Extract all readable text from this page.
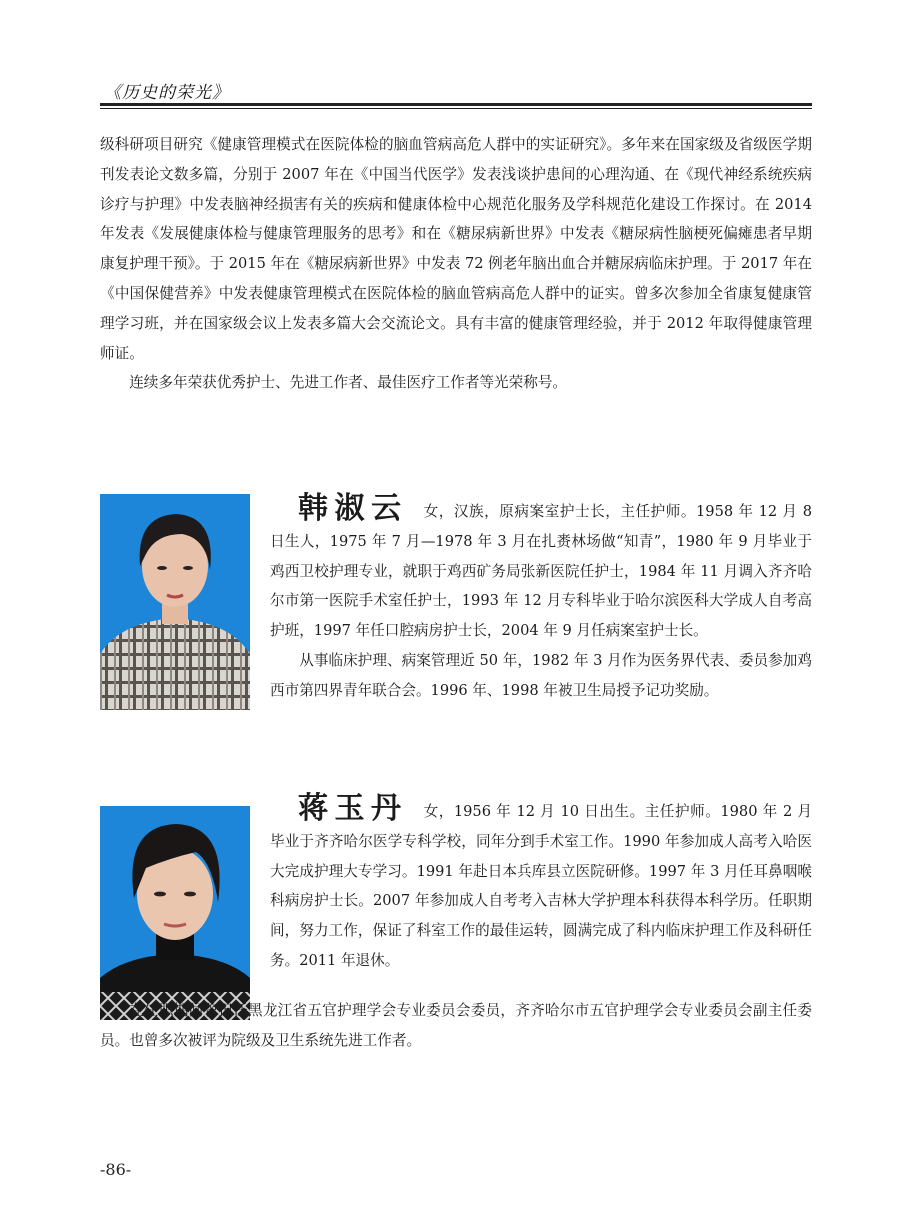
《历史的荣光》

级科研项目研究《健康管理模式在医院体检的脑血管病高危人群中的实证研究》。多年来在国家级及省级医学期刊发表论文数多篇，分别于 2007 年在《中国当代医学》发表浅谈护患间的心理沟通、在《现代神经系统疾病诊疗与护理》中发表脑神经损害有关的疾病和健康体检中心规范化服务及学科规范化建设工作探讨。在 2014 年发表《发展健康体检与健康管理服务的思考》和在《糖尿病新世界》中发表《糖尿病性脑梗死偏瘫患者早期康复护理干预》。于 2015 年在《糖尿病新世界》中发表 72 例老年脑出血合并糖尿病临床护理。于 2017 年在《中国保健营养》中发表健康管理模式在医院体检的脑血管病高危人群中的证实。曾多次参加全省康复健康管理学习班，并在国家级会议上发表多篇大会交流论文。具有丰富的健康管理经验，并于 2012 年取得健康管理师证。

连续多年荣获优秀护士、先进工作者、最佳医疗工作者等光荣称号。

韩淑云 女，汉族，原病案室护士长，主任护师。1958 年 12 月 8 日生人，1975 年 7 月—1978 年 3 月在扎赉林场做“知青”，1980 年 9 月毕业于鸡西卫校护理专业，就职于鸡西矿务局张新医院任护士，1984 年 11 月调入齐齐哈尔市第一医院手术室任护士，1993 年 12 月专科毕业于哈尔滨医科大学成人自考高护班，1997 年任口腔病房护士长，2004 年 9 月任病案室护士长。

从事临床护理、病案管理近 50 年，1982 年 3 月作为医务界代表、委员参加鸡西市第四界青年联合会。1996 年、1998 年被卫生局授予记功奖励。

蒋玉丹 女，1956 年 12 月 10 日出生。主任护师。1980 年 2 月毕业于齐齐哈尔医学专科学校，同年分到手术室工作。1990 年参加成人高考入哈医大完成护理大专学习。1991 年赴日本兵库县立医院研修。1997 年 3 月任耳鼻咽喉科病房护士长。2007 年参加成人自考考入吉林大学护理本科获得本科学历。任职期间，努力工作，保证了科室工作的最佳运转，圆满完成了科内临床护理工作及科研任务。2011 年退休。

在任职期间曾担任黑龙江省五官护理学会专业委员会委员，齐齐哈尔市五官护理学会专业委员会副主任委员。也曾多次被评为院级及卫生系统先进工作者。
-86-
